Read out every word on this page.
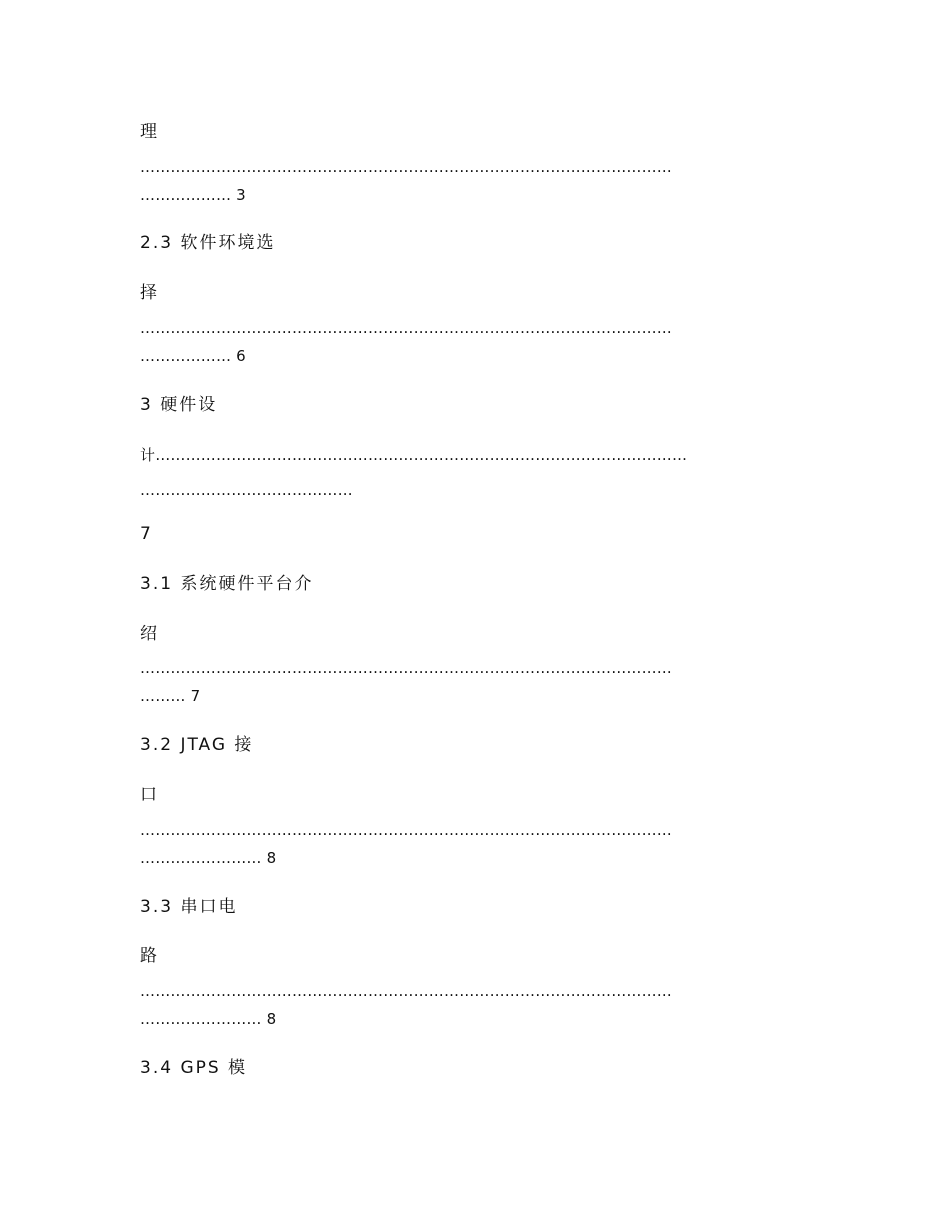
理
……………………………………………………………………………………………
……………… 3
2.3 软件环境选
择
……………………………………………………………………………………………
……………… 6
3 硬件设
计……………………………………………………………………………………………
……………………………………
7
3.1 系统硬件平台介
绍
……………………………………………………………………………………………
……… 7
3.2 JTAG 接
口
……………………………………………………………………………………………
…………………… 8
3.3 串口电
路
……………………………………………………………………………………………
…………………… 8
3.4 GPS 模
